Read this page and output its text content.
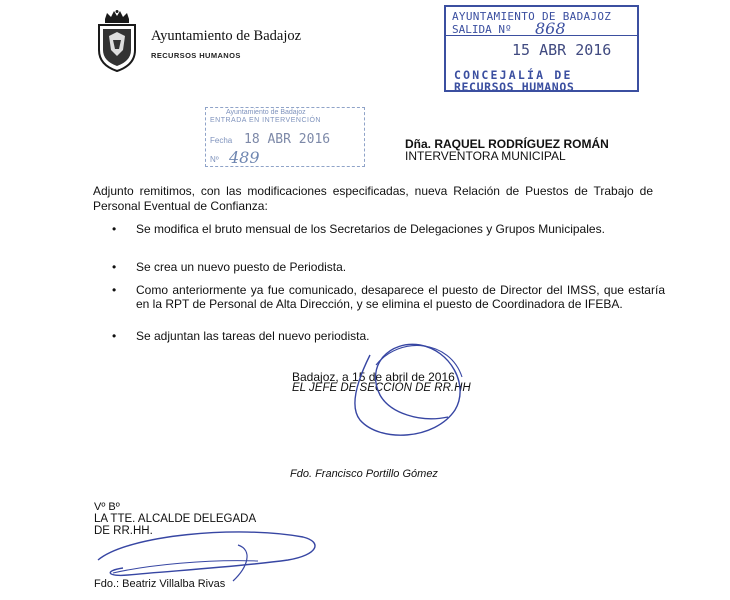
Ayuntamiento de Badajoz
RECURSOS HUMANOS
AYUNTAMIENTO DE BADAJOZ
SALIDA Nº 868
15 ABR 2016
CONCEJALÍA DE
RECURSOS HUMANOS
Ayuntamiento de Badajoz
ENTRADA EN INTERVENCIÓN
Fecha 18 ABR 2016
Nº 489
Dña. RAQUEL RODRÍGUEZ ROMÁN
INTERVENTORA MUNICIPAL
Adjunto remitimos, con las modificaciones especificadas, nueva Relación de Puestos de Trabajo de Personal Eventual de Confianza:
• Se modifica el bruto mensual de los Secretarios de Delegaciones y Grupos Municipales.
• Se crea un nuevo puesto de Periodista.
• Como anteriormente ya fue comunicado, desaparece el puesto de Director del IMSS, que estaría en la RPT de Personal de Alta Dirección, y se elimina el puesto de Coordinadora de IFEBA.
• Se adjuntan las tareas del nuevo periodista.
Badajoz, a 15 de abril de 2016
EL JEFE DE SECCIÓN DE RR.HH
Fdo. Francisco Portillo Gómez
Vº Bº
LA TTE. ALCALDE DELEGADA
DE RR.HH.
Fdo.: Beatriz Villalba Rivas
